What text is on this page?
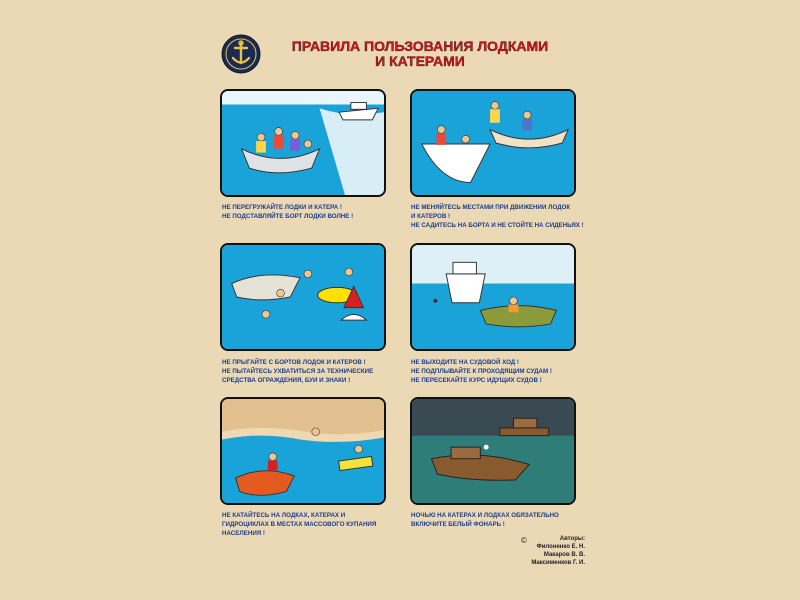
ПРАВИЛА ПОЛЬЗОВАНИЯ ЛОДКАМИ
И КАТЕРАМИ
НЕ ПЕРЕГРУЖАЙТЕ ЛОДКИ И КАТЕРА !
НЕ ПОДСТАВЛЯЙТЕ БОРТ ЛОДКИ ВОЛНЕ !
НЕ МЕНЯЙТЕСЬ МЕСТАМИ ПРИ ДВИЖЕНИИ ЛОДОК
И КАТЕРОВ !
НЕ САДИТЕСЬ НА БОРТА И НЕ СТОЙТЕ НА СИДЕНЬЯХ !
НЕ ПРЫГАЙТЕ С БОРТОВ ЛОДОК И КАТЕРОВ !
НЕ ПЫТАЙТЕСЬ УХВАТИТЬСЯ ЗА ТЕХНИЧЕСКИЕ
СРЕДСТВА ОГРАЖДЕНИЯ, БУИ И ЗНАКИ !
НЕ ВЫХОДИТЕ НА СУДОВОЙ ХОД !
НЕ ПОДПЛЫВАЙТЕ К ПРОХОДЯЩИМ СУДАМ !
НЕ ПЕРЕСЕКАЙТЕ КУРС ИДУЩИХ СУДОВ !
НЕ КАТАЙТЕСЬ НА ЛОДКАХ, КАТЕРАХ И
ГИДРОЦИКЛАХ В МЕСТАХ МАССОВОГО КУПАНИЯ
НАСЕЛЕНИЯ !
НОЧЬЮ НА КАТЕРАХ И ЛОДКАХ ОБЯЗАТЕЛЬНО
ВКЛЮЧИТЕ БЕЛЫЙ ФОНАРЬ !
©	Авторы:
Филоненко Е. Н.
Макаров В. В.
Максименков Г. И.
